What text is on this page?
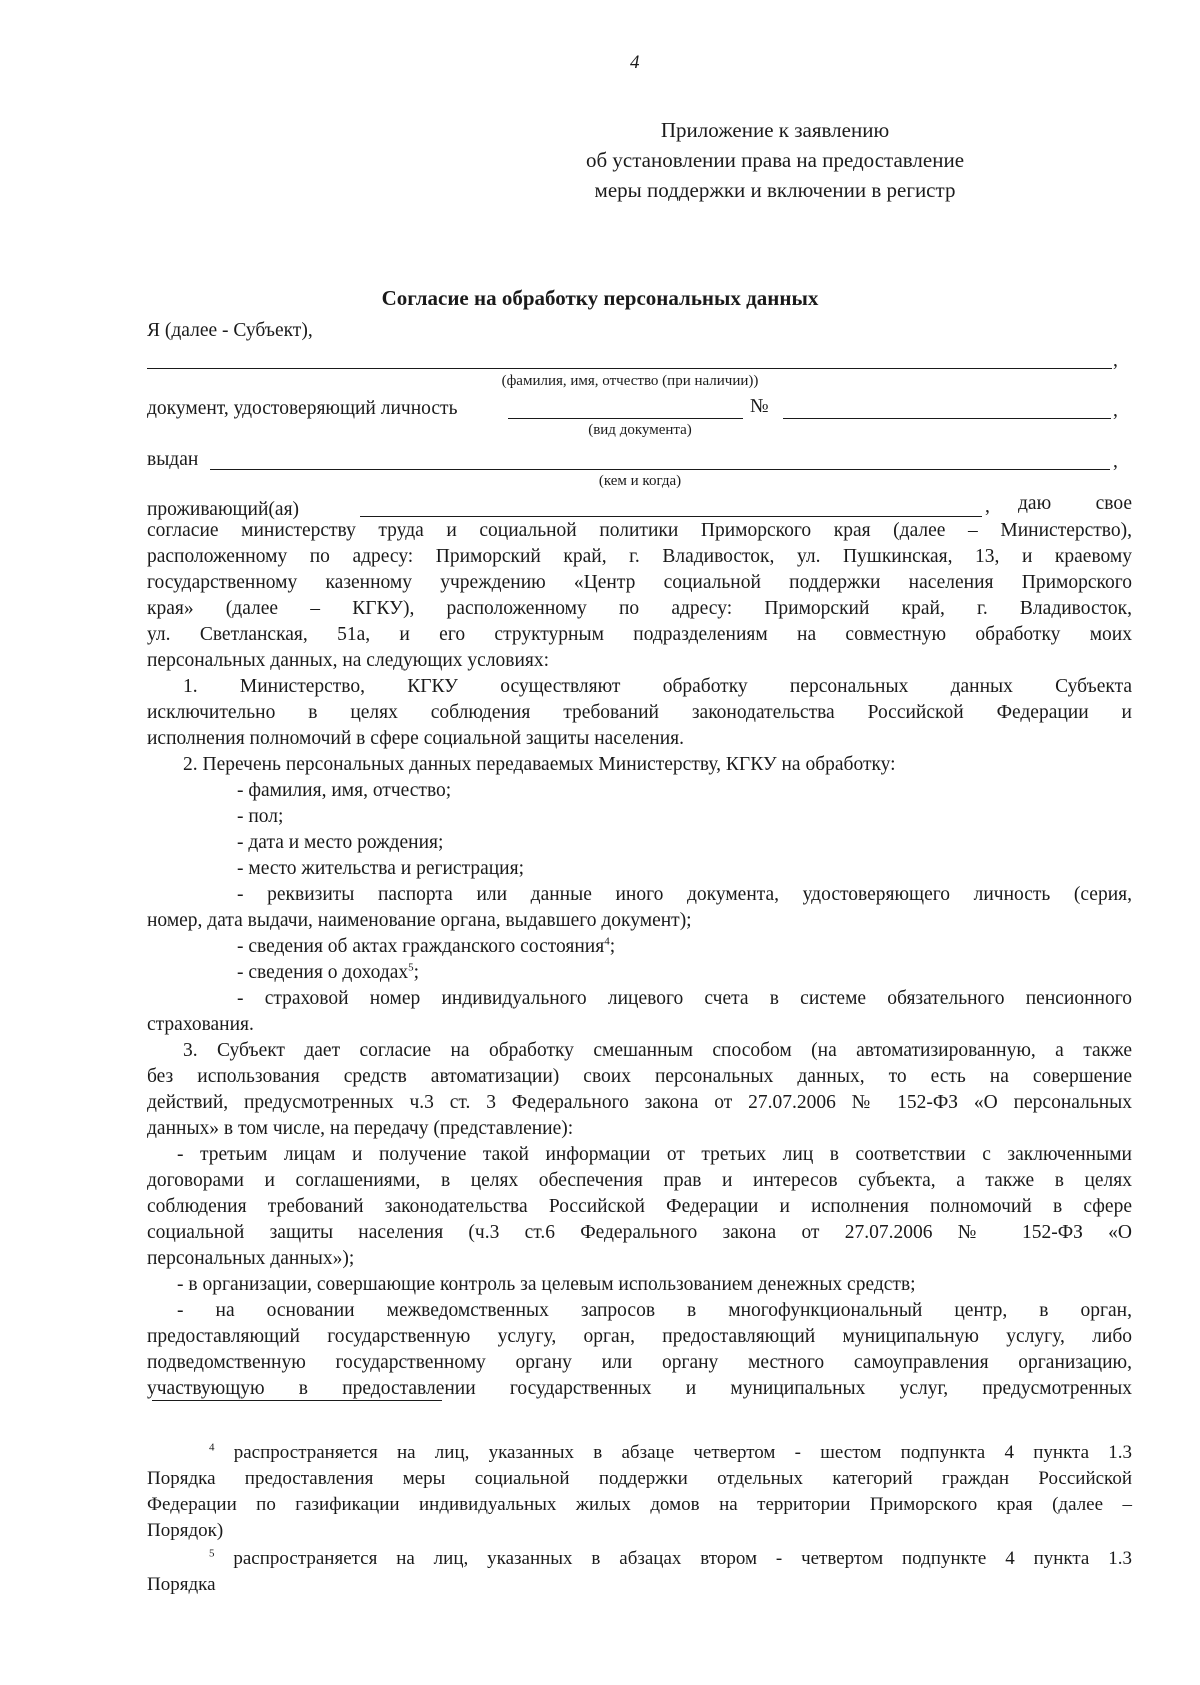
4
Приложение к заявлению
об установлении права на предоставление
меры поддержки и включении в регистр
Согласие на обработку персональных данных
Я (далее - Субъект),
,
(фамилия, имя, отчество (при наличии))
документ, удостоверяющий личность	№	,
(вид документа)
выдан	,
(кем и когда)
проживающий(ая)	, даю свое
согласие министерству труда и социальной политики Приморского края (далее – Министерство),
расположенному по адресу: Приморский край, г. Владивосток, ул. Пушкинская, 13, и краевому
государственному казенному учреждению «Центр социальной поддержки населения Приморского
края» (далее – КГКУ), расположенному по адресу: Приморский край, г. Владивосток,
ул. Светланская, 51а, и его структурным подразделениям на совместную обработку моих
персональных данных, на следующих условиях:
1. Министерство, КГКУ осуществляют обработку персональных данных Субъекта
исключительно в целях соблюдения требований законодательства Российской Федерации и
исполнения полномочий в сфере социальной защиты населения.
2. Перечень персональных данных передаваемых Министерству, КГКУ на обработку:
- фамилия, имя, отчество;
- пол;
- дата и место рождения;
- место жительства и регистрация;
- реквизиты паспорта или данные иного документа, удостоверяющего личность (серия,
номер, дата выдачи, наименование органа, выдавшего документ);
- сведения об актах гражданского состояния$^4$;
- сведения о доходах$^5$;
- страховой номер индивидуального лицевого счета в системе обязательного пенсионного
страхования.
3. Субъект дает согласие на обработку смешанным способом (на автоматизированную, а также
без использования средств автоматизации) своих персональных данных, то есть на совершение
действий, предусмотренных ч.3 ст. 3 Федерального закона от 27.07.2006 № 152-ФЗ «О персональных
данных» в том числе, на передачу (представление):
- третьим лицам и получение такой информации от третьих лиц в соответствии с заключенными
договорами и соглашениями, в целях обеспечения прав и интересов субъекта, а также в целях
соблюдения требований законодательства Российской Федерации и исполнения полномочий в сфере
социальной защиты населения (ч.3 ст.6 Федерального закона от 27.07.2006 № 152-ФЗ «О
персональных данных»);
- в организации, совершающие контроль за целевым использованием денежных средств;
- на основании межведомственных запросов в многофункциональный центр, в орган,
предоставляющий государственную услугу, орган, предоставляющий муниципальную услугу, либо
подведомственную государственному органу или органу местного самоуправления организацию,
участвующую в предоставлении государственных и муниципальных услуг, предусмотренных
$^4$ распространяется на лиц, указанных в абзаце четвертом - шестом подпункта 4 пункта 1.3
Порядка предоставления меры социальной поддержки отдельных категорий граждан Российской
Федерации по газификации индивидуальных жилых домов на территории Приморского края (далее –
Порядок)
$^5$ распространяется на лиц, указанных в абзацах втором - четвертом подпункте 4 пункта 1.3
Порядка
